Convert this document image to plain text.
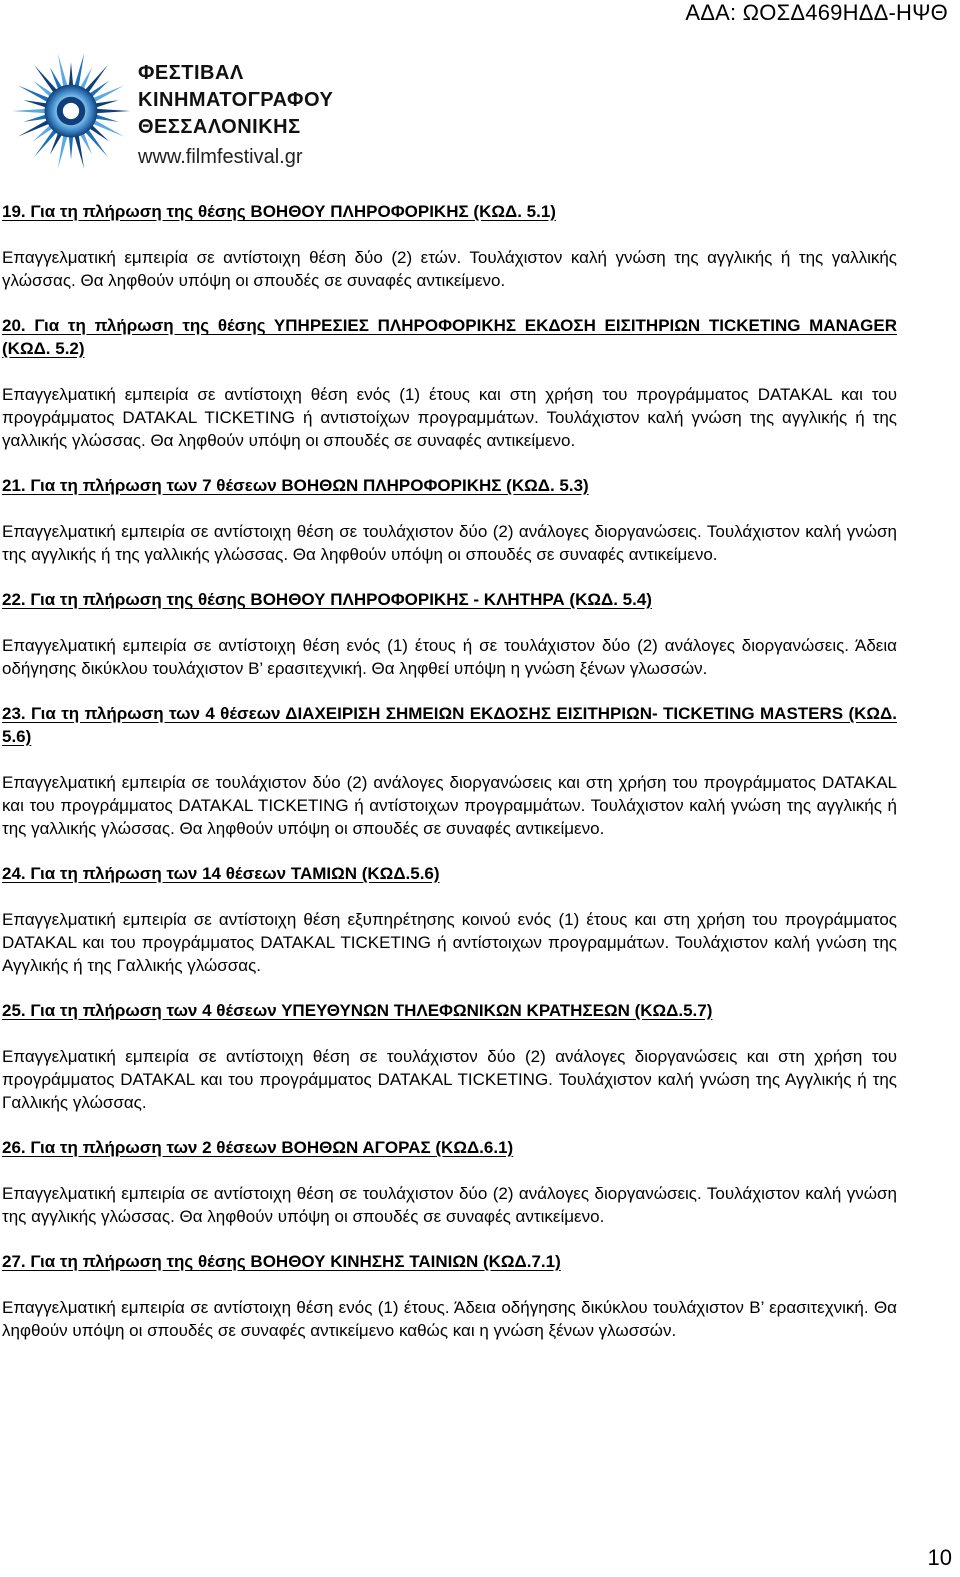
ΑΔΑ: ΩΟΣΔ469ΗΔΔ-ΗΨΘ
ΦΕΣΤΙΒΑΛ
ΚΙΝΗΜΑΤΟΓΡΑΦΟΥ
ΘΕΣΣΑΛΟΝΙΚΗΣ
www.filmfestival.gr
19. Για τη πλήρωση της θέσης ΒΟΗΘΟΥ ΠΛΗΡΟΦΟΡΙΚΗΣ (ΚΩΔ. 5.1)
Επαγγελματική εμπειρία σε αντίστοιχη θέση δύο (2) ετών. Τουλάχιστον καλή γνώση της αγγλικής ή της γαλλικής γλώσσας. Θα ληφθούν υπόψη οι σπουδές σε συναφές αντικείμενο.
20. Για τη πλήρωση της θέσης ΥΠΗΡΕΣΙΕΣ ΠΛΗΡΟΦΟΡΙΚΗΣ ΕΚΔΟΣΗ ΕΙΣΙΤΗΡΙΩΝ TICKETING MANAGER (ΚΩΔ. 5.2)
Επαγγελματική εμπειρία σε αντίστοιχη θέση ενός (1) έτους και στη χρήση του προγράμματος DATAKAL και του προγράμματος DATAKAL TICKETING ή αντιστοίχων προγραμμάτων. Τουλάχιστον καλή γνώση της αγγλικής ή της γαλλικής γλώσσας. Θα ληφθούν υπόψη οι σπουδές σε συναφές αντικείμενο.
21. Για τη πλήρωση των 7 θέσεων ΒΟΗΘΩΝ ΠΛΗΡΟΦΟΡΙΚΗΣ (ΚΩΔ. 5.3)
Επαγγελματική εμπειρία σε αντίστοιχη θέση σε τουλάχιστον δύο (2) ανάλογες διοργανώσεις. Τουλάχιστον καλή γνώση της αγγλικής ή της γαλλικής γλώσσας. Θα ληφθούν υπόψη οι σπουδές σε συναφές αντικείμενο.
22. Για τη πλήρωση της θέσης ΒΟΗΘΟΥ ΠΛΗΡΟΦΟΡΙΚΗΣ - ΚΛΗΤΗΡΑ (ΚΩΔ. 5.4)
Επαγγελματική εμπειρία σε αντίστοιχη θέση ενός (1) έτους ή σε τουλάχιστον δύο (2) ανάλογες διοργανώσεις. Άδεια οδήγησης δικύκλου τουλάχιστον Β’ ερασιτεχνική. Θα ληφθεί υπόψη η γνώση ξένων γλωσσών.
23. Για τη πλήρωση των 4 θέσεων ΔΙΑΧΕΙΡΙΣΗ ΣΗΜΕΙΩΝ ΕΚΔΟΣΗΣ ΕΙΣΙΤΗΡΙΩΝ- TICKETING MASTERS (ΚΩΔ. 5.6)
Επαγγελματική εμπειρία σε τουλάχιστον δύο (2) ανάλογες διοργανώσεις και στη χρήση του προγράμματος DATAKAL και του προγράμματος DATAKAL TICKETING ή αντίστοιχων προγραμμάτων. Τουλάχιστον καλή γνώση της αγγλικής ή της γαλλικής γλώσσας. Θα ληφθούν υπόψη οι σπουδές σε συναφές αντικείμενο.
24. Για τη πλήρωση των 14 θέσεων ΤΑΜΙΩΝ (ΚΩΔ.5.6)
Επαγγελματική εμπειρία σε αντίστοιχη θέση εξυπηρέτησης κοινού ενός (1) έτους και στη χρήση του προγράμματος DATAKAL και του προγράμματος DATAKAL TICKETING ή αντίστοιχων προγραμμάτων. Τουλάχιστον καλή γνώση της Αγγλικής ή της Γαλλικής γλώσσας.
25. Για τη πλήρωση των 4 θέσεων ΥΠΕΥΘΥΝΩΝ ΤΗΛΕΦΩΝΙΚΩΝ ΚΡΑΤΗΣΕΩΝ (ΚΩΔ.5.7)
Επαγγελματική εμπειρία σε αντίστοιχη θέση σε τουλάχιστον δύο (2) ανάλογες διοργανώσεις και στη χρήση του προγράμματος DATAKAL και του προγράμματος DATAKAL TICKETING. Τουλάχιστον καλή γνώση της Αγγλικής ή της Γαλλικής γλώσσας.
26. Για τη πλήρωση των 2 θέσεων ΒΟΗΘΩΝ ΑΓΟΡΑΣ (ΚΩΔ.6.1)
Επαγγελματική εμπειρία σε αντίστοιχη θέση σε τουλάχιστον δύο (2) ανάλογες διοργανώσεις. Τουλάχιστον καλή γνώση της αγγλικής γλώσσας. Θα ληφθούν υπόψη οι σπουδές σε συναφές αντικείμενο.
27. Για τη πλήρωση της θέσης ΒΟΗΘΟΥ ΚΙΝΗΣΗΣ ΤΑΙΝΙΩΝ (ΚΩΔ.7.1)
Επαγγελματική εμπειρία σε αντίστοιχη θέση ενός (1) έτους. Άδεια οδήγησης δικύκλου τουλάχιστον Β’ ερασιτεχνική. Θα ληφθούν υπόψη οι σπουδές σε συναφές αντικείμενο καθώς και η γνώση ξένων γλωσσών.
10
